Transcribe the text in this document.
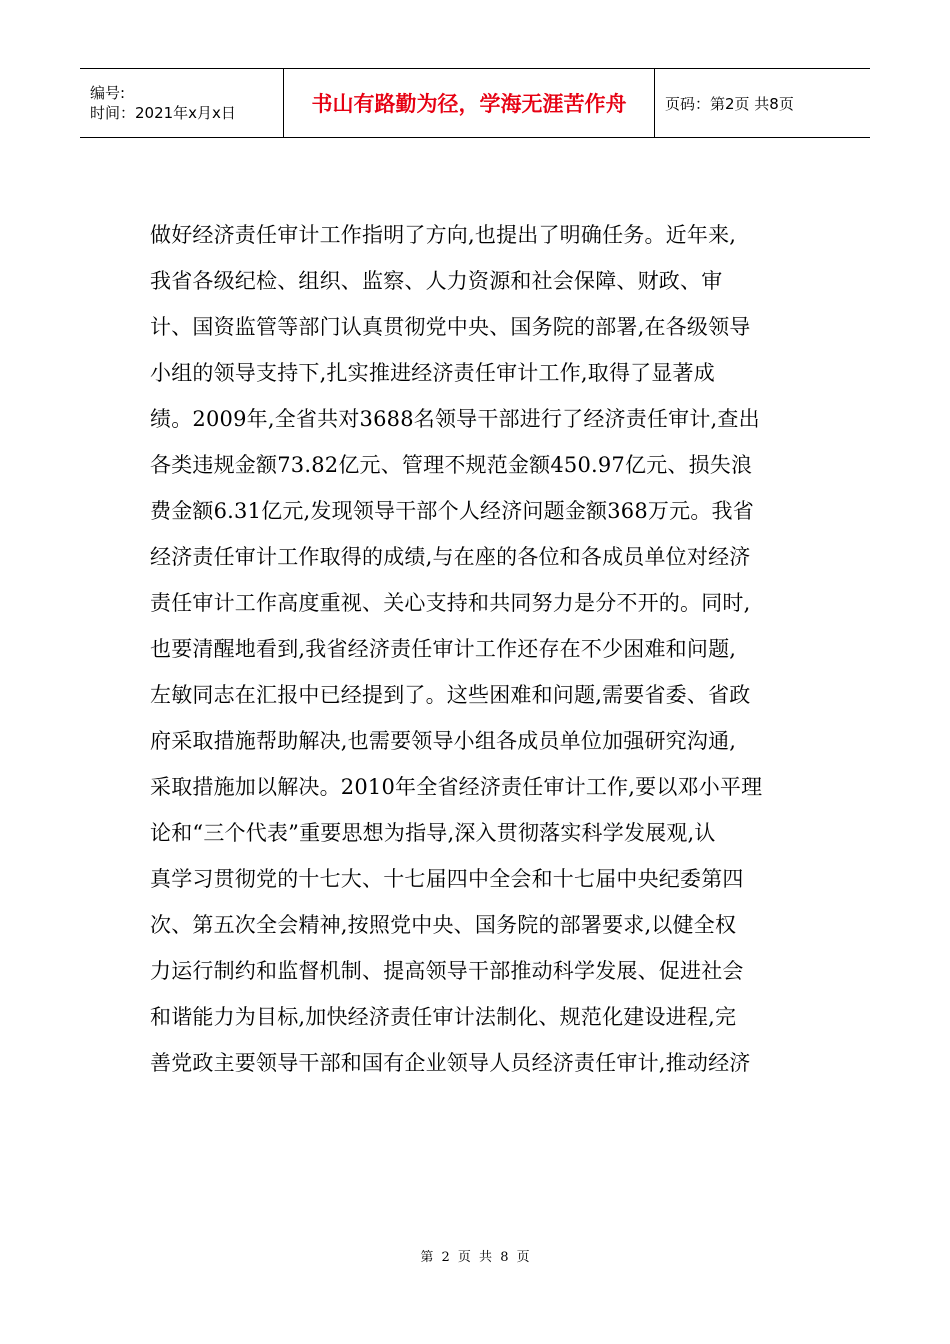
编号:
时间：2021年x月x日	书山有路勤为径，学海无涯苦作舟	页码：第2页 共8页
做好经济责任审计工作指明了方向,也提出了明确任务。近年来,
我省各级纪检、组织、监察、人力资源和社会保障、财政、审
计、国资监管等部门认真贯彻党中央、国务院的部署,在各级领导
小组的领导支持下,扎实推进经济责任审计工作,取得了显著成
绩。2009年,全省共对3688名领导干部进行了经济责任审计,查出
各类违规金额73.82亿元、管理不规范金额450.97亿元、损失浪
费金额6.31亿元,发现领导干部个人经济问题金额368万元。我省
经济责任审计工作取得的成绩,与在座的各位和各成员单位对经济
责任审计工作高度重视、关心支持和共同努力是分不开的。同时,
也要清醒地看到,我省经济责任审计工作还存在不少困难和问题,
左敏同志在汇报中已经提到了。这些困难和问题,需要省委、省政
府采取措施帮助解决,也需要领导小组各成员单位加强研究沟通,
采取措施加以解决。2010年全省经济责任审计工作,要以邓小平理
论和“三个代表”重要思想为指导,深入贯彻落实科学发展观,认
真学习贯彻党的十七大、十七届四中全会和十七届中央纪委第四
次、第五次全会精神,按照党中央、国务院的部署要求,以健全权
力运行制约和监督机制、提高领导干部推动科学发展、促进社会
和谐能力为目标,加快经济责任审计法制化、规范化建设进程,完
善党政主要领导干部和国有企业领导人员经济责任审计,推动经济
第 2 页 共 8 页
